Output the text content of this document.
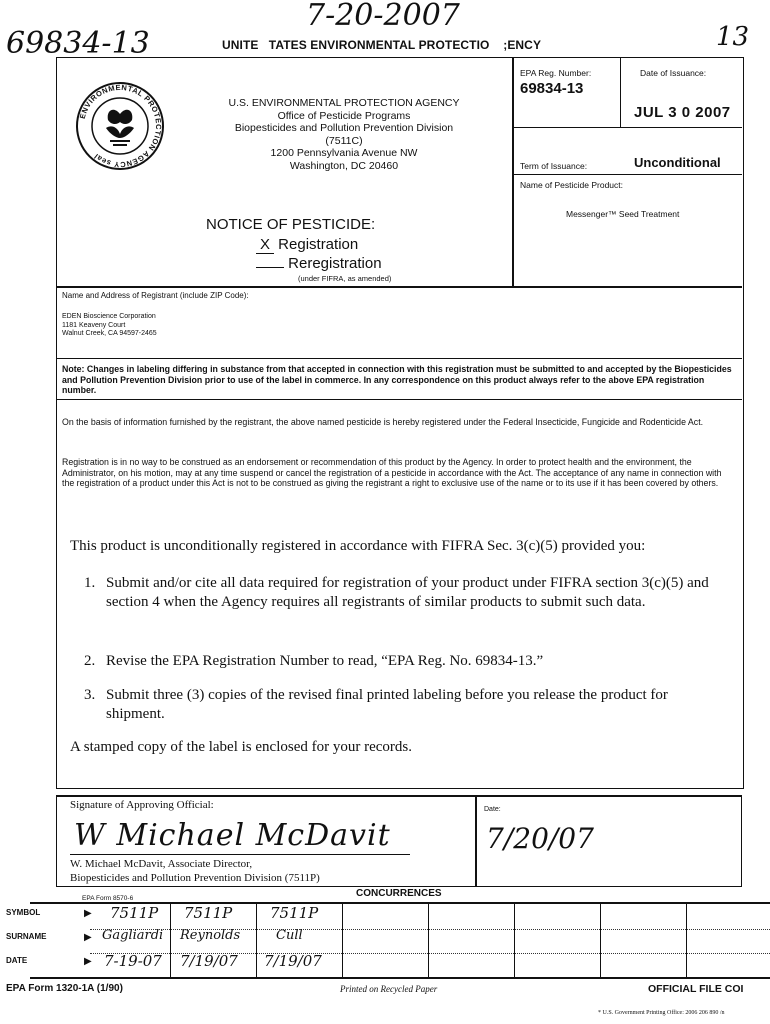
69834-13
7-20-2007
13
UNITE   TATES ENVIRONMENTAL PROTECTIO    ;ENCY
ENVIRONMENTAL PROTECTION AGENCY seal

U.S. ENVIRONMENTAL PROTECTION AGENCY

Office of Pesticide Programs

Biopesticides and Pollution Prevention Division

(7511C)

1200 Pennsylvania Avenue NW

Washington, DC 20460

EPA Reg. Number:
69834-13
Date of Issuance:
JUL 3 0 2007
Term of Issuance:	Unconditional
Name of Pesticide Product:
Messenger™ Seed Treatment
NOTICE OF PESTICIDE:
X Registration
Reregistration
(under FIFRA, as amended)
Name and Address of Registrant (include ZIP Code):

EDEN Bioscience Corporation

1181 Keaveny Court

Walnut Creek, CA 94597-2465

Note: Changes in labeling differing in substance from that accepted in connection with this registration must be submitted to and accepted by the Biopesticides and Pollution Prevention Division prior to use of the label in commerce. In any correspondence on this product always refer to the above EPA registration number.
On the basis of information furnished by the registrant, the above named pesticide is hereby registered under the Federal Insecticide, Fungicide and Rodenticide Act.
Registration is in no way to be construed as an endorsement or recommendation of this product by the Agency. In order to protect health and the environment, the Administrator, on his motion, may at any time suspend or cancel the registration of a pesticide in accordance with the Act. The acceptance of any name in connection with the registration of a product under this Act is not to be construed as giving the registrant a right to exclusive use of the name or to its use if it has been covered by others.
This product is unconditionally registered in accordance with FIFRA Sec. 3(c)(5) provided you:
1. Submit and/or cite all data required for registration of your product under FIFRA section 3(c)(5) and section 4 when the Agency requires all registrants of similar products to submit such data.

2. Revise the EPA Registration Number to read, “EPA Reg. No. 69834-13.”

3. Submit three (3) copies of the revised final printed labeling before you release the product for shipment.

A stamped copy of the label is enclosed for your records.
Signature of Approving Official:
W Michael McDavit

W. Michael McDavit, Associate Director,

Biopesticides and Pollution Prevention Division (7511P)

Date:
7/20/07
EPA Form 8570-6	CONCURRENCES
SYMBOL	▶ 7511P 7511P	7511P
SURNAME	▶ Gagliardi Reynolds	Cull
DATE	▶ 7-19-07 7/19/07 7/19/07
EPA Form 1320-1A (1/90)	Printed on Recycled Paper	OFFICIAL FILE COI
* U.S. Government Printing Office: 2006 206 890 /n
